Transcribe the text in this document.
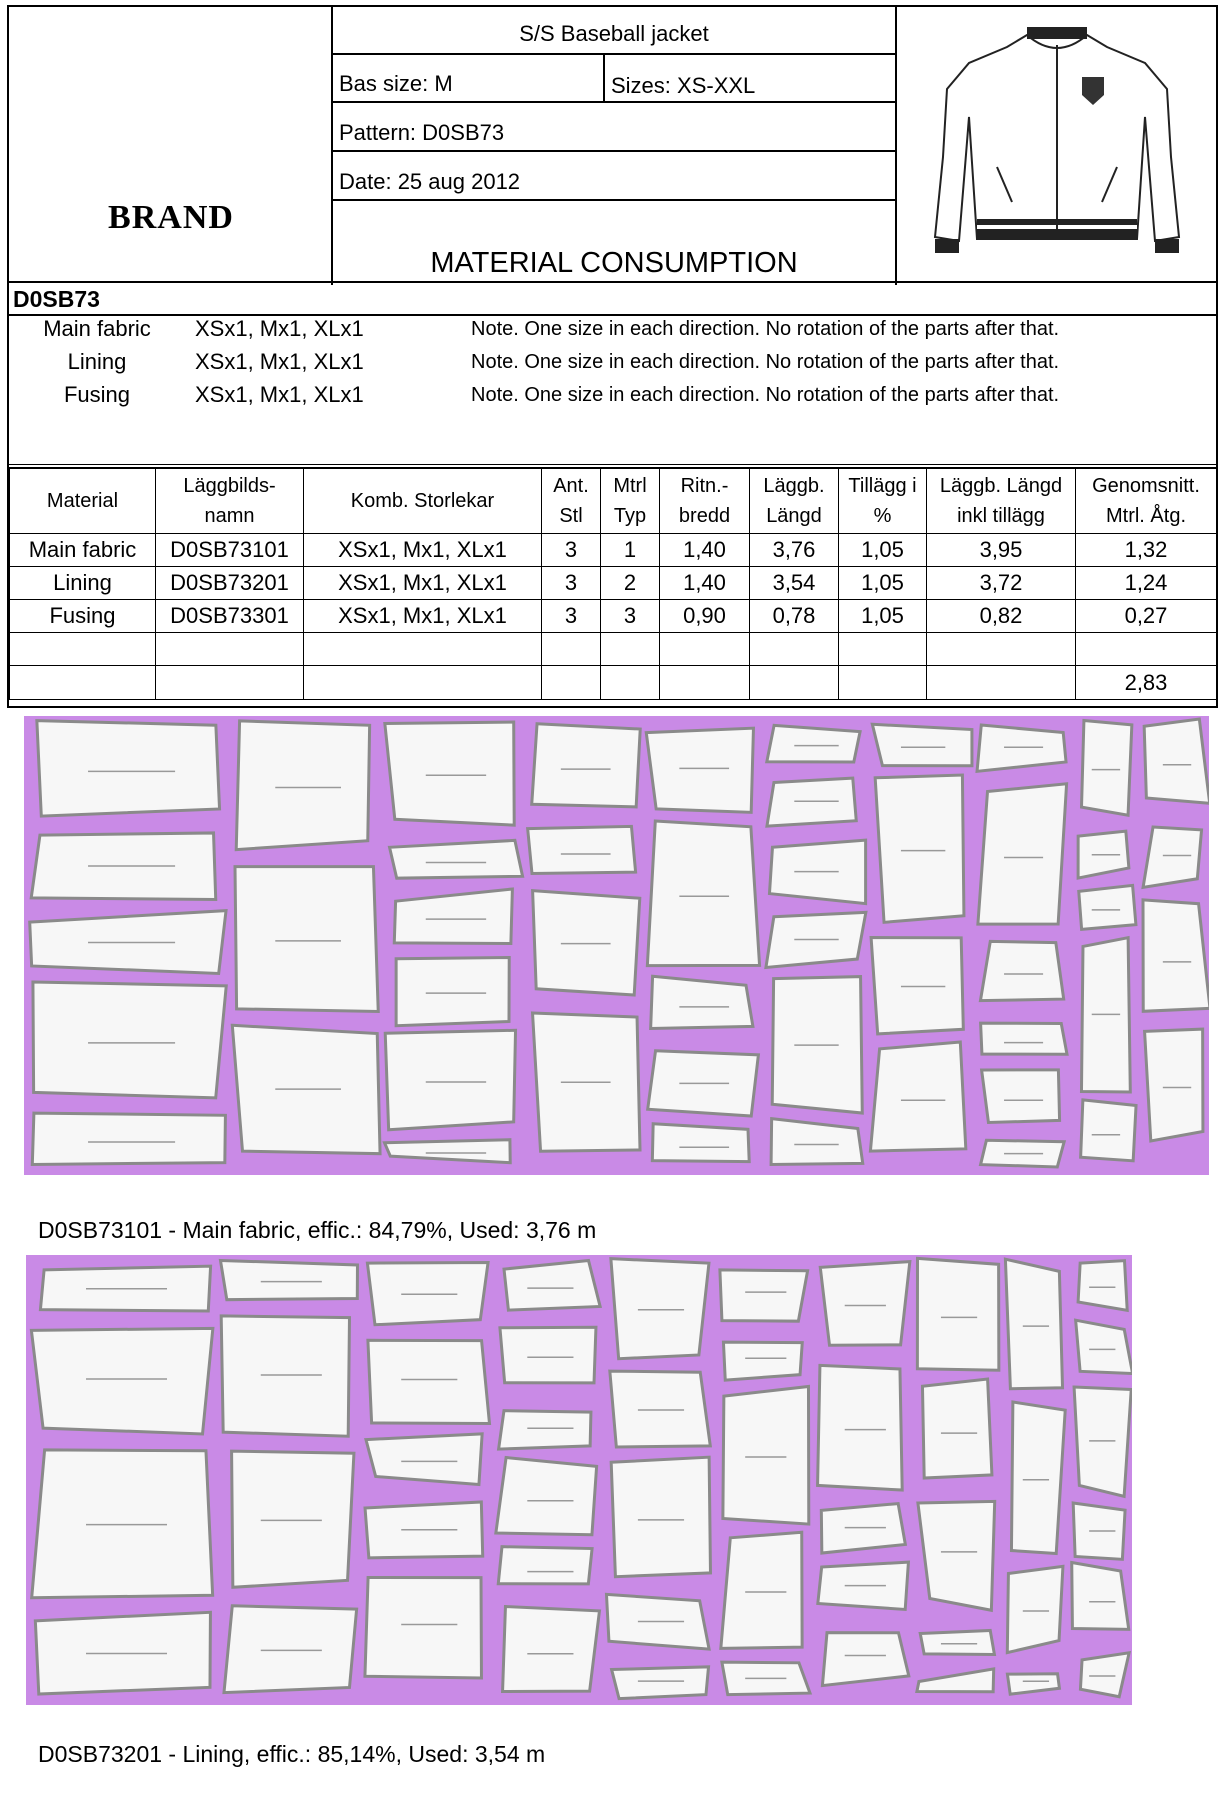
BRAND
S/S Baseball jacket
Bas size: M	Sizes: XS-XXL
Pattern: D0SB73
Date: 25 aug 2012
MATERIAL CONSUMPTION
D0SB73
Main fabric	XSx1, Mx1, XLx1	Note. One size in each direction. No rotation of the parts after that.
Lining	XSx1, Mx1, XLx1	Note. One size in each direction. No rotation of the parts after that.
Fusing	XSx1, Mx1, XLx1	Note. One size in each direction. No rotation of the parts after that.
Material	Läggbilds- namn	Komb. Storlekar	Ant. Stl	Mtrl Typ	Ritn.- bredd	Läggb. Längd	Tillägg i %	Läggb. Längd inkl tillägg	Genomsnitt. Mtrl. Åtg.
Main fabric	D0SB73101	XSx1, Mx1, XLx1	3	1	1,40	3,76	1,05	3,95	1,32
Lining	D0SB73201	XSx1, Mx1, XLx1	3	2	1,40	3,54	1,05	3,72	1,24
Fusing	D0SB73301	XSx1, Mx1, XLx1	3	3	0,90	0,78	1,05	0,82	0,27

									2,83
D0SB73101 - Main fabric, effic.: 84,79%, Used: 3,76 m
D0SB73201 - Lining, effic.: 85,14%, Used: 3,54 m
